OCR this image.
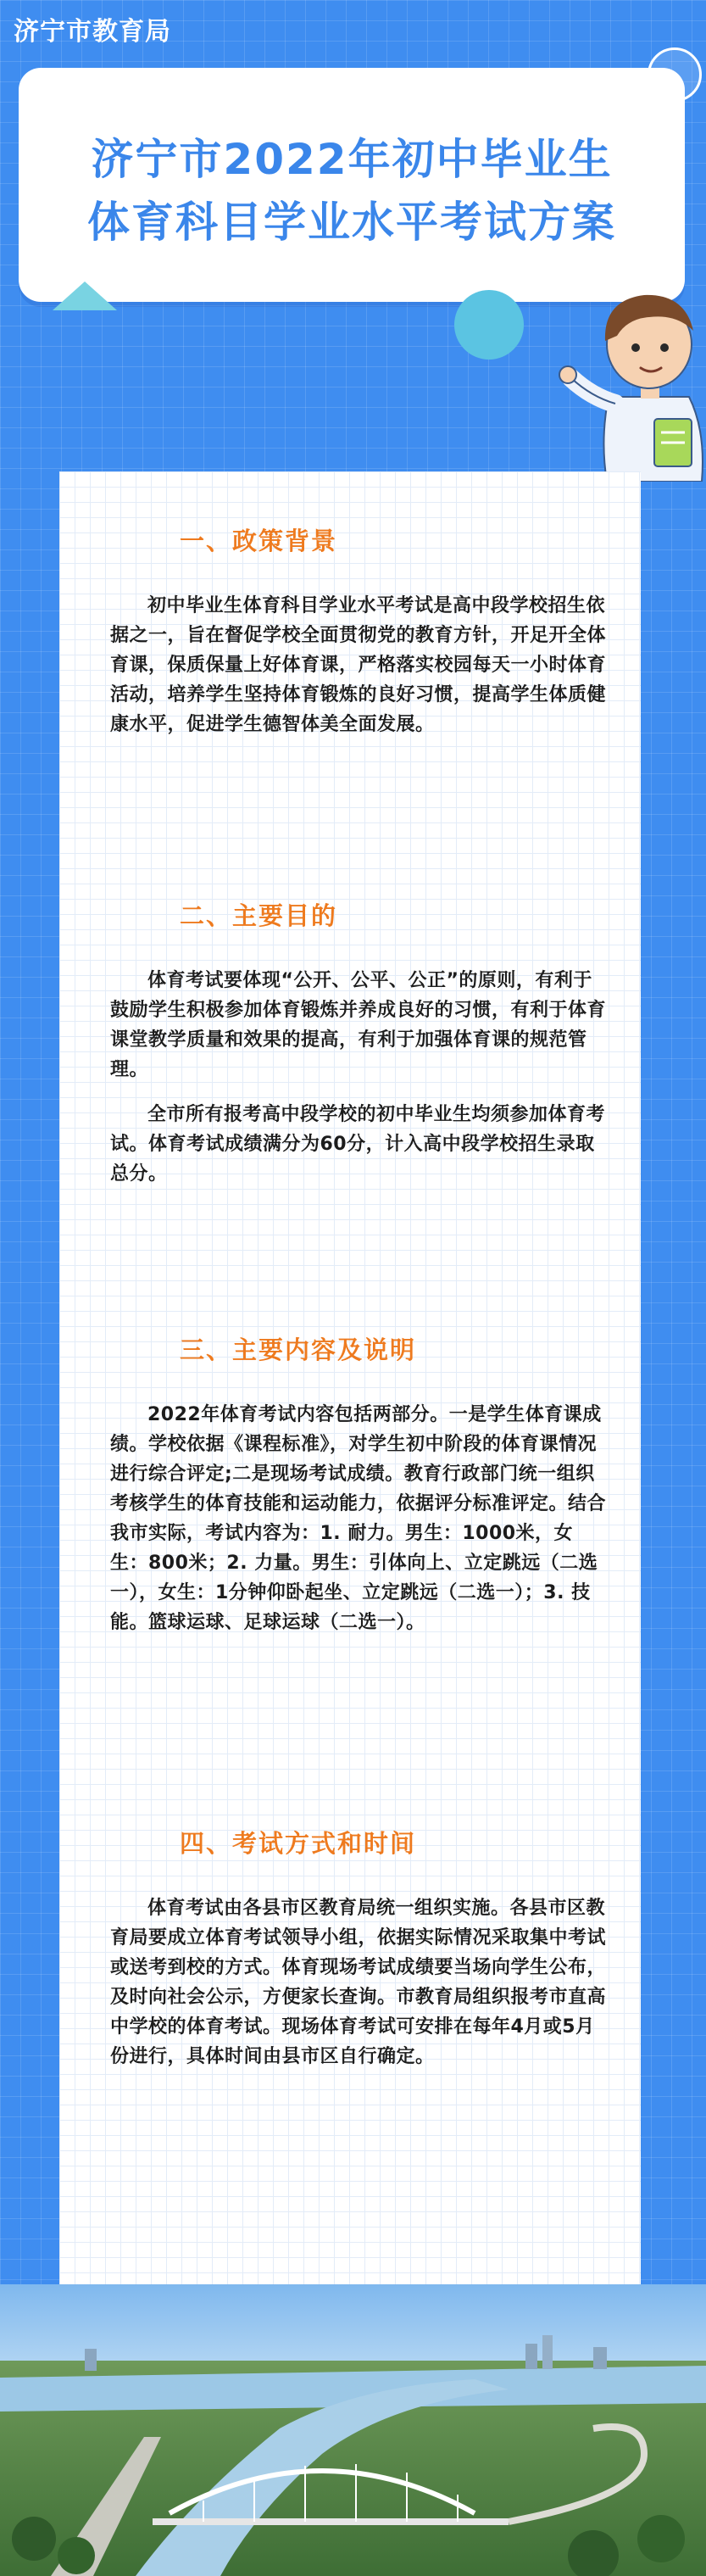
济宁市教育局
济宁市2022年初中毕业生
体育科目学业水平考试方案
一、政策背景

初中毕业生体育科目学业水平考试是高中段学校招生依据之一，旨在督促学校全面贯彻党的教育方针，开足开全体育课，保质保量上好体育课，严格落实校园每天一小时体育活动，培养学生坚持体育锻炼的良好习惯，提高学生体质健康水平，促进学生德智体美全面发展。

二、主要目的

体育考试要体现“公开、公平、公正”的原则，有利于鼓励学生积极参加体育锻炼并养成良好的习惯，有利于体育课堂教学质量和效果的提高，有利于加强体育课的规范管理。

全市所有报考高中段学校的初中毕业生均须参加体育考试。体育考试成绩满分为60分，计入高中段学校招生录取总分。

三、主要内容及说明

2022年体育考试内容包括两部分。一是学生体育课成绩。学校依据《课程标准》，对学生初中阶段的体育课情况进行综合评定;二是现场考试成绩。教育行政部门统一组织考核学生的体育技能和运动能力，依据评分标准评定。结合我市实际，考试内容为：1. 耐力。男生：1000米，女生：800米；2. 力量。男生：引体向上、立定跳远（二选一），女生：1分钟仰卧起坐、立定跳远（二选一）；3. 技能。篮球运球、足球运球（二选一）。

四、考试方式和时间

体育考试由各县市区教育局统一组织实施。各县市区教育局要成立体育考试领导小组，依据实际情况采取集中考试或送考到校的方式。体育现场考试成绩要当场向学生公布，及时向社会公示，方便家长查询。市教育局组织报考市直高中学校的体育考试。现场体育考试可安排在每年4月或5月份进行，具体时间由县市区自行确定。
